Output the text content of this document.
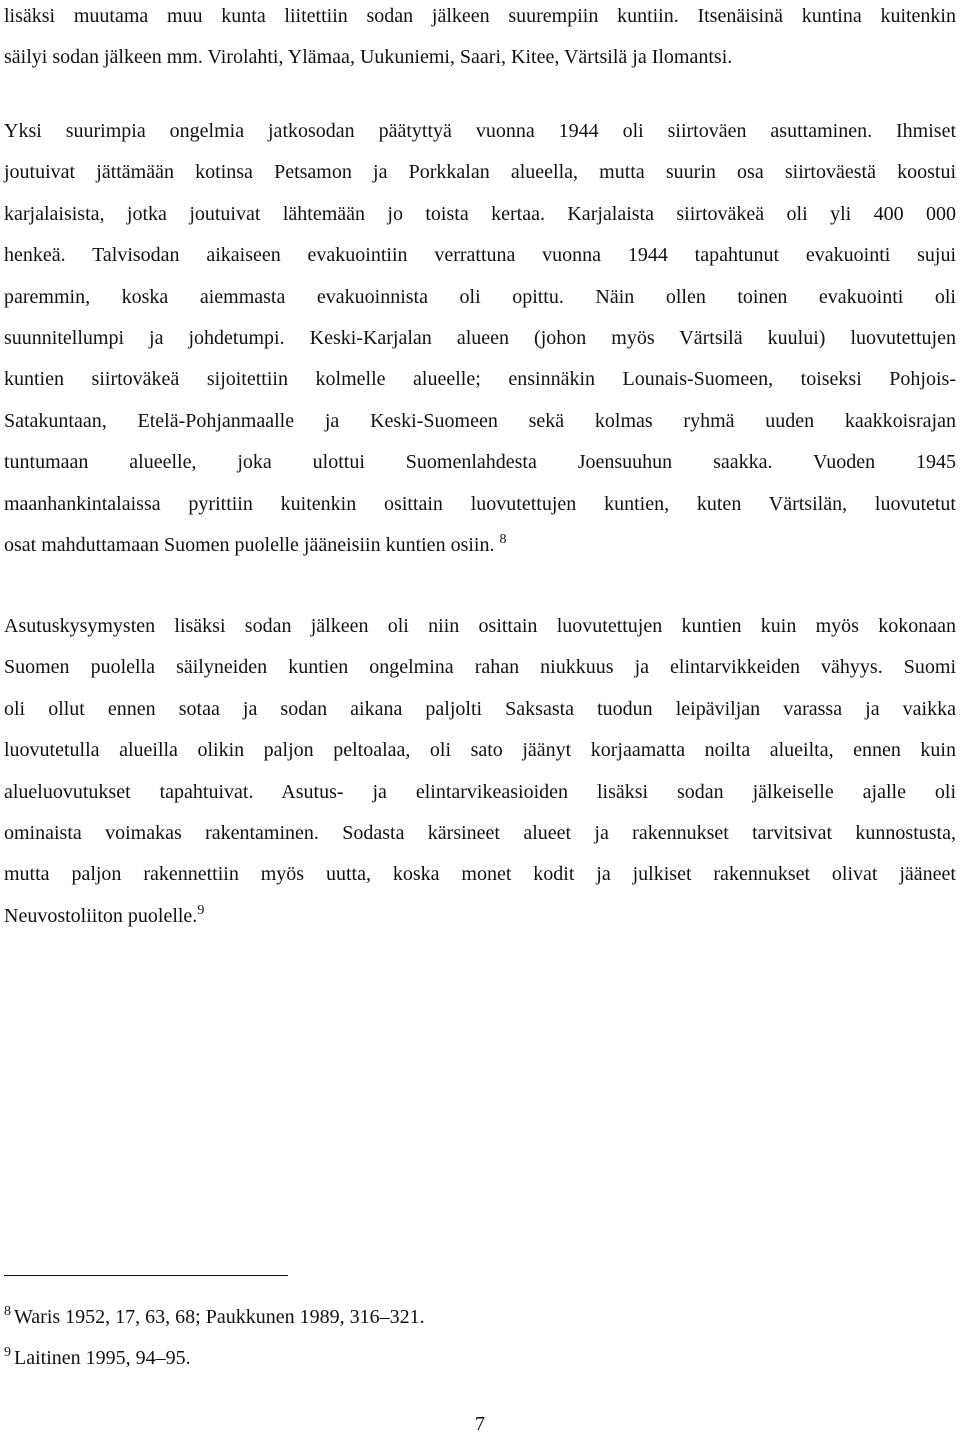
lisäksi muutama muu kunta liitettiin sodan jälkeen suurempiin kuntiin. Itsenäisinä kuntina kuitenkin
säilyi sodan jälkeen mm. Virolahti, Ylämaa, Uukuniemi, Saari, Kitee, Värtsilä ja Ilomantsi.

Yksi suurimpia ongelmia jatkosodan päätyttyä vuonna 1944 oli siirtoväen asuttaminen. Ihmiset
joutuivat jättämään kotinsa Petsamon ja Porkkalan alueella, mutta suurin osa siirtoväestä koostui
karjalaisista, jotka joutuivat lähtemään jo toista kertaa. Karjalaista siirtoväkeä oli yli 400 000
henkeä. Talvisodan aikaiseen evakuointiin verrattuna vuonna 1944 tapahtunut evakuointi sujui
paremmin, koska aiemmasta evakuoinnista oli opittu. Näin ollen toinen evakuointi oli
suunnitellumpi ja johdetumpi. Keski-Karjalan alueen (johon myös Värtsilä kuului) luovutettujen
kuntien siirtoväkeä sijoitettiin kolmelle alueelle; ensinnäkin Lounais-Suomeen, toiseksi Pohjois-
Satakuntaan, Etelä-Pohjanmaalle ja Keski-Suomeen sekä kolmas ryhmä uuden kaakkoisrajan
tuntumaan alueelle, joka ulottui Suomenlahdesta Joensuuhun saakka. Vuoden 1945
maanhankintalaissa pyrittiin kuitenkin osittain luovutettujen kuntien, kuten Värtsilän, luovutetut
osat mahduttamaan Suomen puolelle jääneisiin kuntien osiin. $^8$

Asutuskysymysten lisäksi sodan jälkeen oli niin osittain luovutettujen kuntien kuin myös kokonaan
Suomen puolella säilyneiden kuntien ongelmina rahan niukkuus ja elintarvikkeiden vähyys. Suomi
oli ollut ennen sotaa ja sodan aikana paljolti Saksasta tuodun leipäviljan varassa ja vaikka
luovutetulla alueilla olikin paljon peltoalaa, oli sato jäänyt korjaamatta noilta alueilta, ennen kuin
alueluovutukset tapahtuivat. Asutus- ja elintarvikeasioiden lisäksi sodan jälkeiselle ajalle oli
ominaista voimakas rakentaminen. Sodasta kärsineet alueet ja rakennukset tarvitsivat kunnostusta,
mutta paljon rakennettiin myös uutta, koska monet kodit ja julkiset rakennukset olivat jääneet
Neuvostoliiton puolelle.$^9$

$^8$ Waris 1952, 17, 63, 68; Paukkunen 1989, 316–321.
$^9$ Laitinen 1995, 94–95.
7
